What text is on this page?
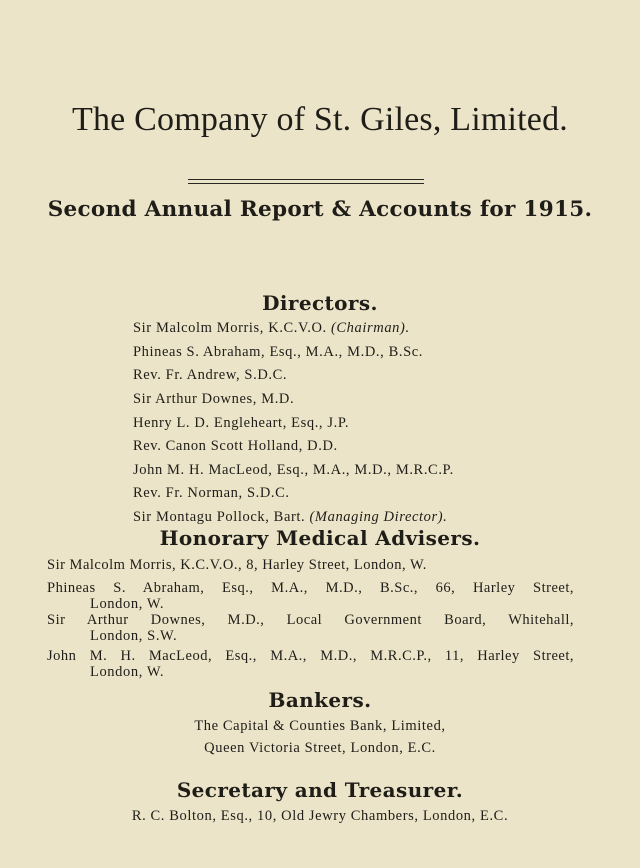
The Company of St. Giles, Limited.
Second Annual Report & Accounts for 1915.
Directors.
Sir Malcolm Morris, K.C.V.O. (Chairman).
Phineas S. Abraham, Esq., M.A., M.D., B.Sc.
Rev. Fr. Andrew, S.D.C.
Sir Arthur Downes, M.D.
Henry L. D. Engleheart, Esq., J.P.
Rev. Canon Scott Holland, D.D.
John M. H. MacLeod, Esq., M.A., M.D., M.R.C.P.
Rev. Fr. Norman, S.D.C.
Sir Montagu Pollock, Bart. (Managing Director).
Honorary Medical Advisers.
Sir Malcolm Morris, K.C.V.O., 8, Harley Street, London, W.
Phineas S. Abraham, Esq., M.A., M.D., B.Sc., 66, Harley Street,
London, W.
Sir Arthur Downes, M.D., Local Government Board, Whitehall,
London, S.W.
John M. H. MacLeod, Esq., M.A., M.D., M.R.C.P., 11, Harley Street,
London, W.
Bankers.
The Capital & Counties Bank, Limited,
Queen Victoria Street, London, E.C.
Secretary and Treasurer.
R. C. Bolton, Esq., 10, Old Jewry Chambers, London, E.C.
